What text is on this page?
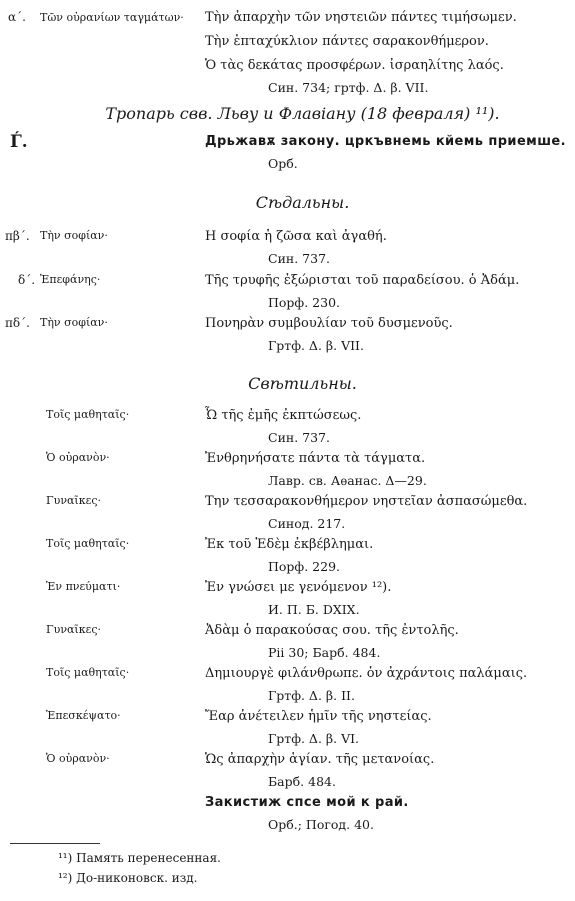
α΄.	Τῶν οὐρανίων ταγμάτων·	Τὴν ἀπαρχὴν τῶν νηστειῶν πάντες τιμήσωμεν.
Τὴν ἑπταχύκλιον πάντες σαρακονθήμερον.
Ὁ τὰς δεκάτας προσφέρων. ἰσραηλίτης λαός.
Син. 734; гртф. Δ. β. VII.
Тропарь свв. Льву и Флавіану (18 февраля) ¹¹).
Ѓ.	Дрьжавѫ закону. цркъвнемь кйемь приемше.
Орб.
Сѣдальны.
πβ΄. Τὴν σοφίαν·	Η σοφία ἡ ζῶσα καὶ ἀγαθή.
Син. 737.
δ΄. Ἐπεφάνης·	Τῆς τρυφῆς ἐξώρισται τοῦ παραδείσου. ὁ Ἀδάμ.
Порф. 230.
πδ΄. Τὴν σοφίαν·	Πονηρὰν συμβουλίαν τοῦ δυσμενοῦς.
Гртф. Δ. β. VII.
Свѣтильны.
Τοῖς μαθηταῖς·	Ὦ τῆς ἐμῆς ἐκπτώσεως.
Син. 737.
Ὁ οὐρανὸν·	Ἐνθρηνήσατε πάντα τὰ τάγματα.
Лавр. св. Аѳанас. Δ—29.
Γυναῖκες·	Την τεσσαρακονθήμερον νηστεῖαν ἀσπασώμεθα.
Синод. 217.
Τοῖς μαθηταῖς·	Ἐκ τοῦ Ἐδὲμ ἐκβέβλημαι.
Порф. 229.
Ἐν πνεύματι·	Ἐν γνώσει με γενόμενον ¹²).
И. П. Б. DXIX.
Γυναῖκες·	Ἀδὰμ ὁ παρακούσας σου. τῆς ἐντολῆς.
Pii 30; Барб. 484.
Τοῖς μαθηταῖς·	Δημιουργὲ φιλάνθρωπε. ὁν ἀχράντοις παλάμαις.
Гртф. Δ. β. II.
Ἐπεσκέψατο·	Ἔαρ ἀνέτειλεν ἡμῖν τῆς νηστείας.
Гртф. Δ. β. VI.
Ὁ οὐρανὸν·	Ὡς ἀπαρχὴν ἁγίαν. τῆς μετανοίας.
Барб. 484.
Закистиж спсе мой к рай.
Орб.; Погод. 40.
¹¹) Память перенесенная.
¹²) До-никоновск. изд.
